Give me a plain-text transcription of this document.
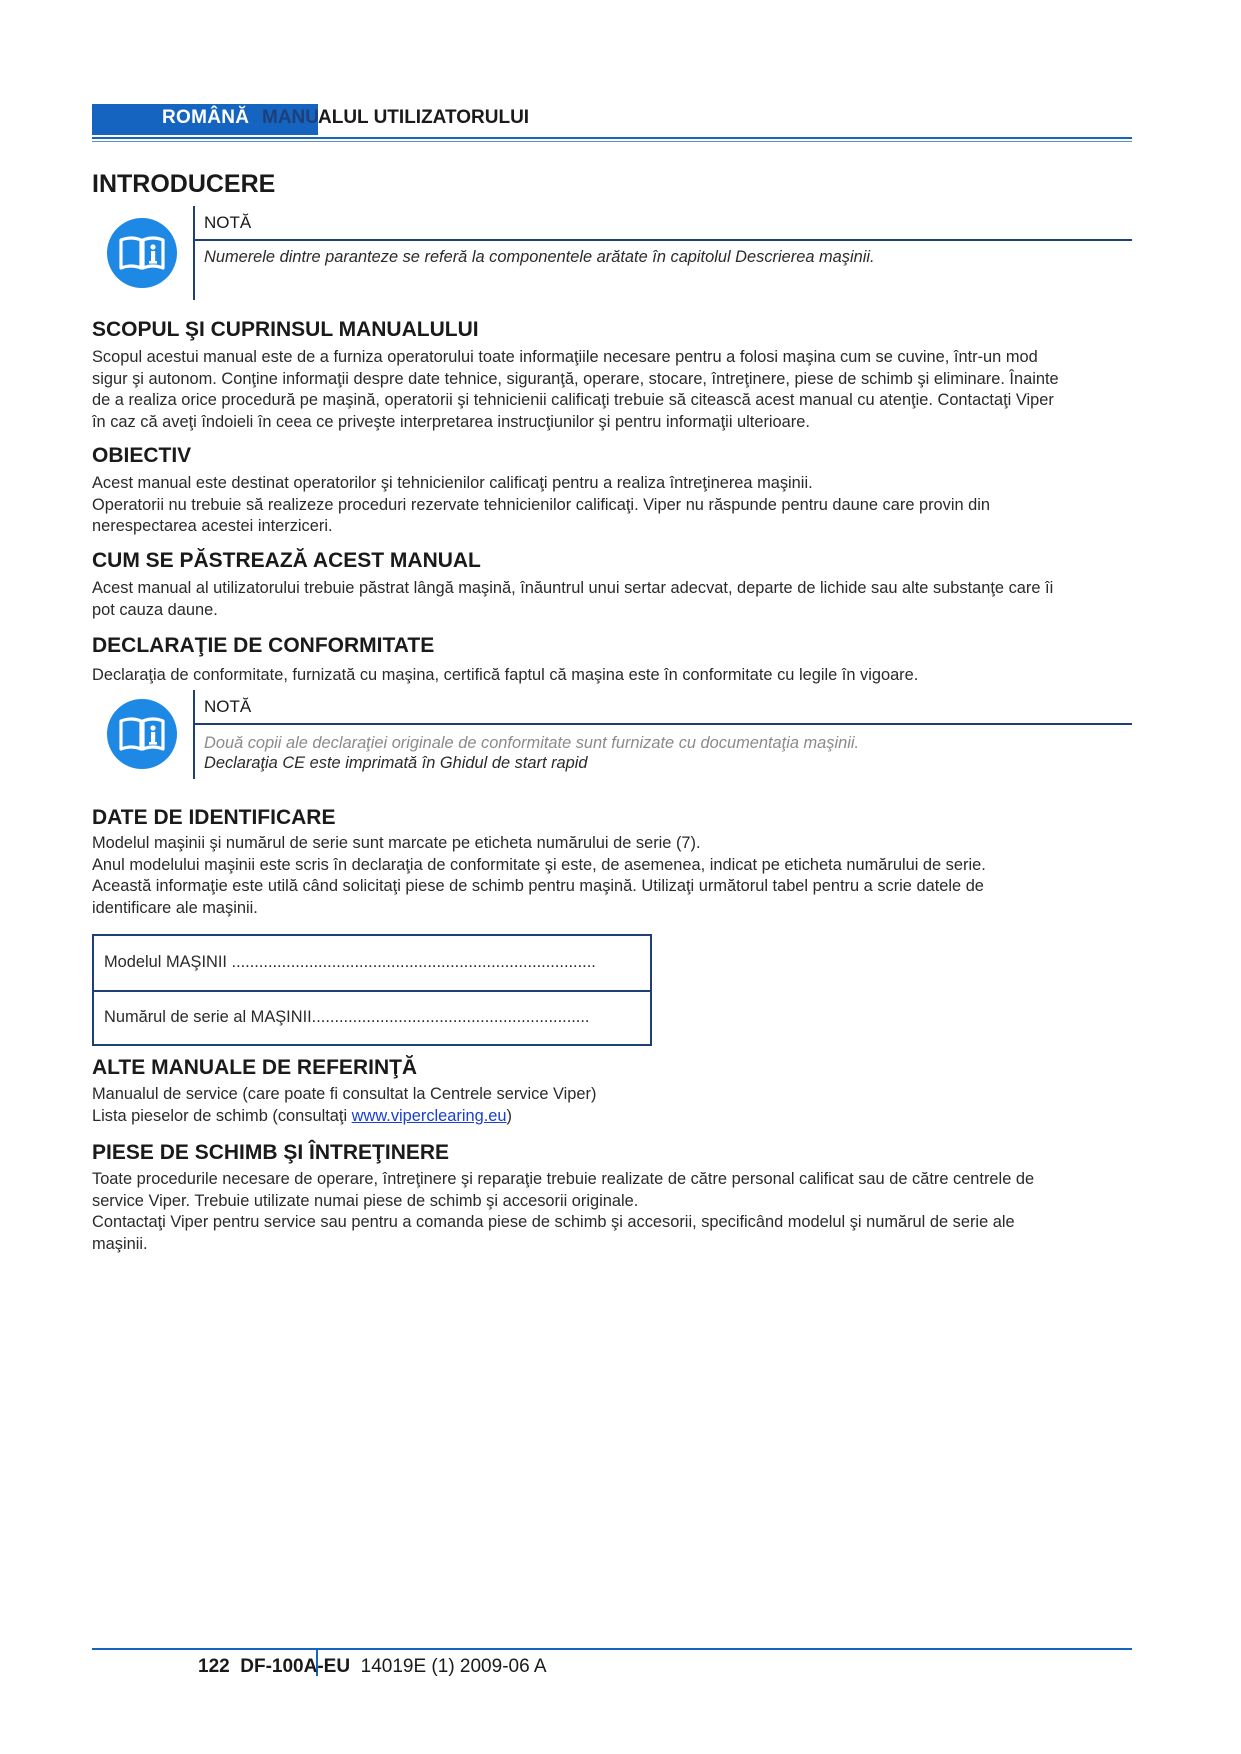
ROMÂNĂ MANU ALUL UTILIZATORULUI
INTRODUCERE
NOTĂ
Numerele dintre paranteze se referă la componentele arătate în capitolul Descrierea maşinii.
SCOPUL ŞI CUPRINSUL MANUALULUI
Scopul acestui manual este de a furniza operatorului toate informaţiile necesare pentru a folosi maşina cum se cuvine, într-un mod
sigur şi autonom. Conţine informaţii despre date tehnice, siguranţă, operare, stocare, întreţinere, piese de schimb şi eliminare. Înainte
de a realiza orice procedură pe maşină, operatorii şi tehnicienii calificaţi trebuie să citească acest manual cu atenţie. Contactaţi Viper
în caz că aveţi îndoieli în ceea ce priveşte interpretarea instrucţiunilor şi pentru informaţii ulterioare.
OBIECTIV
Acest manual este destinat operatorilor şi tehnicienilor calificaţi pentru a realiza întreţinerea maşinii.
Operatorii nu trebuie să realizeze proceduri rezervate tehnicienilor calificaţi. Viper nu răspunde pentru daune care provin din
nerespectarea acestei interziceri.
CUM SE PĂSTREAZĂ ACEST MANUAL
Acest manual al utilizatorului trebuie păstrat lângă maşină, înăuntrul unui sertar adecvat, departe de lichide sau alte substanţe care îi
pot cauza daune.
DECLARAŢIE DE CONFORMITATE
Declaraţia de conformitate, furnizată cu maşina, certifică faptul că maşina este în conformitate cu legile în vigoare.
NOTĂ
Două copii ale declaraţiei originale de conformitate sunt furnizate cu documentaţia maşinii.
Declaraţia CE este imprimată în Ghidul de start rapid
DATE DE IDENTIFICARE
Modelul maşinii şi numărul de serie sunt marcate pe eticheta numărului de serie (7).
Anul modelului maşinii este scris în declaraţia de conformitate şi este, de asemenea, indicat pe eticheta numărului de serie.
Această informaţie este utilă când solicitaţi piese de schimb pentru maşină. Utilizaţi următorul tabel pentru a scrie datele de
identificare ale maşinii.
Modelul MAŞINII ................................................................................
Numărul de serie al MAŞINII.............................................................
ALTE MANUALE DE REFERINŢĂ
Manualul de service (care poate fi consultat la Centrele service Viper)
Lista pieselor de schimb (consultaţi www.viperclearing.eu)
PIESE DE SCHIMB ŞI ÎNTREŢINERE
Toate procedurile necesare de operare, întreţinere şi reparaţie trebuie realizate de către personal calificat sau de către centrele de
service Viper. Trebuie utilizate numai piese de schimb şi accesorii originale.
Contactaţi Viper pentru service sau pentru a comanda piese de schimb şi accesorii, specificând modelul şi numărul de serie ale
maşinii.
122 DF-100A-EU 14019E (1) 2009-06 A
